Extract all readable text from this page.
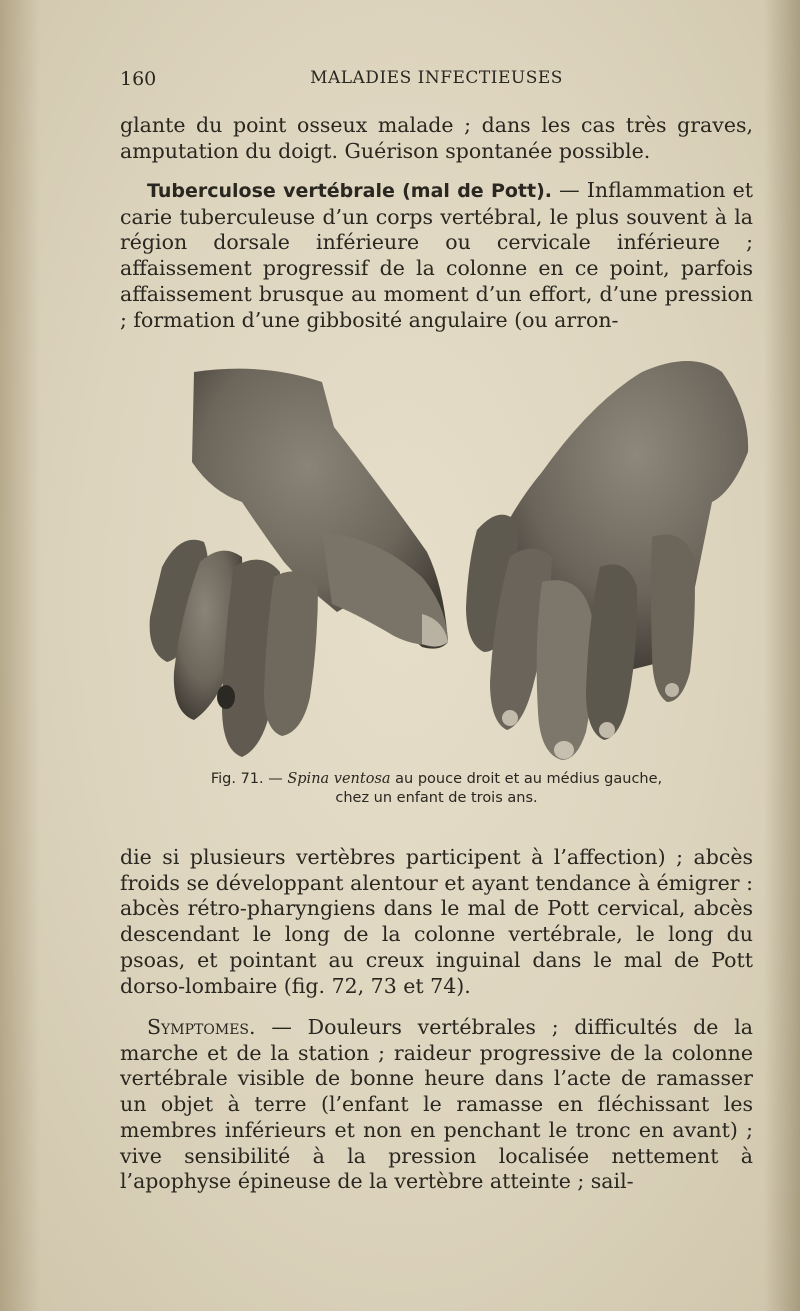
160	MALADIES INFECTIEUSES

glante du point osseux malade ; dans les cas très graves, amputation du doigt. Guérison spontanée possible.

Tuberculose vertébrale (mal de Pott). — Inflammation et carie tuberculeuse d’un corps vertébral, le plus souvent à la région dorsale inférieure ou cervicale inférieure ; affaissement progressif de la colonne en ce point, parfois affaissement brusque au moment d’un effort, d’une pression ; formation d’une gibbosité angulaire (ou arron-

Fig. 71. — Spina ventosa au pouce droit et au médius gauche,
chez un enfant de trois ans.

die si plusieurs vertèbres participent à l’affection) ; abcès froids se développant alentour et ayant tendance à émigrer : abcès rétro-pharyngiens dans le mal de Pott cervical, abcès descendant le long de la colonne vertébrale, le long du psoas, et pointant au creux inguinal dans le mal de Pott dorso-lombaire (fig. 72, 73 et 74).

Symptomes. — Douleurs vertébrales ; difficultés de la marche et de la station ; raideur progressive de la colonne vertébrale visible de bonne heure dans l’acte de ramasser un objet à terre (l’enfant le ramasse en fléchissant les membres inférieurs et non en penchant le tronc en avant) ; vive sensibilité à la pression localisée nettement à l’apophyse épineuse de la vertèbre atteinte ; sail-
